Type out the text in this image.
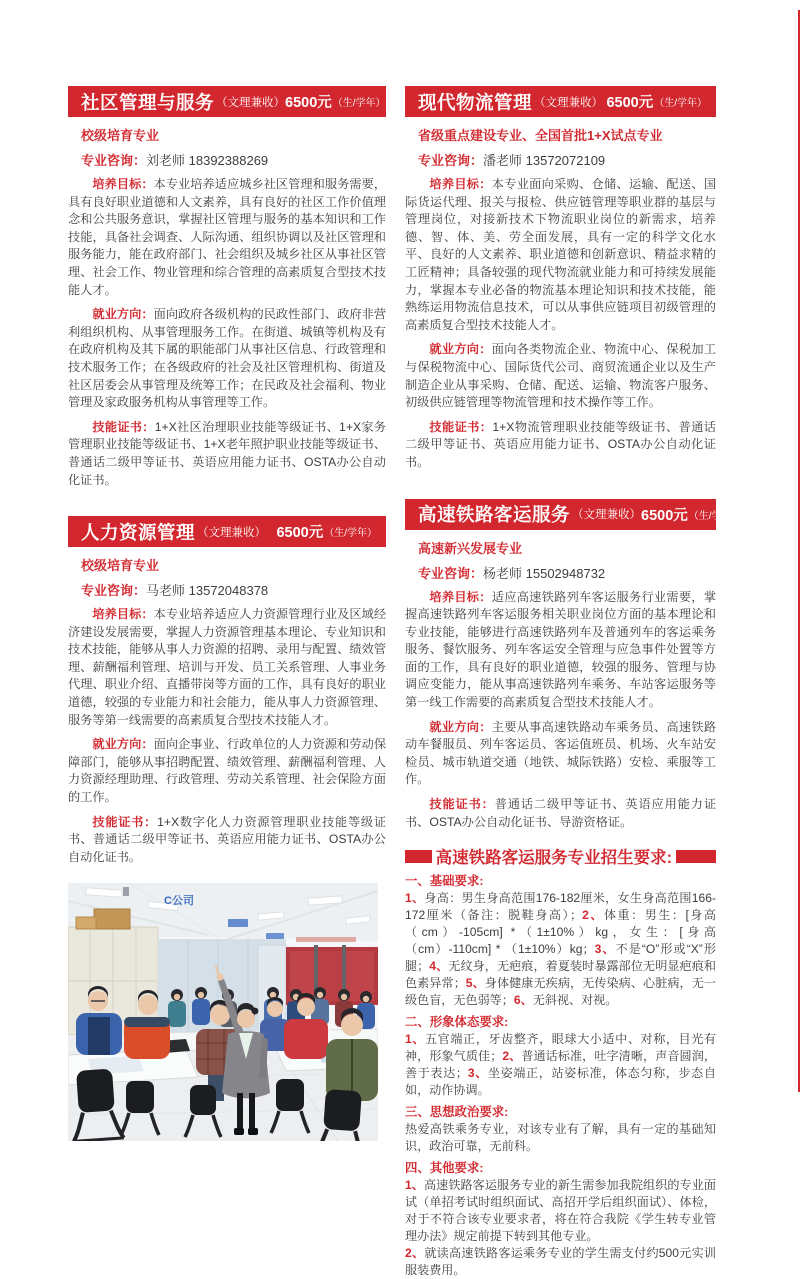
社区管理与服务 （文理兼收） 6500元 （生/学年）
校级培育专业
专业咨询：刘老师 18392388269

培养目标：本专业培养适应城乡社区管理和服务需要，具有良好职业道德和人文素养，具有良好的社区工作价值理念和公共服务意识，掌握社区管理与服务的基本知识和工作技能，具备社会调查、人际沟通、组织协调以及社区管理和服务能力，能在政府部门、社会组织及城乡社区从事社区管理、社会工作、物业管理和综合管理的高素质复合型技术技能人才。

就业方向：面向政府各级机构的民政性部门、政府非营利组织机构、从事管理服务工作。在街道、城镇等机构及有在政府机构及其下属的职能部门从事社区信息、行政管理和技术服务工作；在各级政府的社会及社区管理机构、街道及社区居委会从事管理及统筹工作；在民政及社会福利、物业管理及家政服务机构从事管理等工作。

技能证书：1+X社区治理职业技能等级证书、1+X家务管理职业技能等级证书、1+X老年照护职业技能等级证书、普通话二级甲等证书、英语应用能力证书、OSTA办公自动化证书。

人力资源管理 （文理兼收） 6500元 （生/学年）
校级培育专业
专业咨询：马老师 13572048378

培养目标：本专业培养适应人力资源管理行业及区域经济建设发展需要，掌握人力资源管理基本理论、专业知识和技术技能，能够从事人力资源的招聘、录用与配置、绩效管理、薪酬福利管理、培训与开发、员工关系管理、人事业务代理、职业介绍、直播带岗等方面的工作，具有良好的职业道德，较强的专业能力和社会能力，能从事人力资源管理、服务等第一线需要的高素质复合型技术技能人才。

就业方向：面向企事业、行政单位的人力资源和劳动保障部门，能够从事招聘配置、绩效管理、薪酬福利管理、人力资源经理助理、行政管理、劳动关系管理、社会保险方面的工作。

技能证书：1+X数字化人力资源管理职业技能等级证书、普通话二级甲等证书、英语应用能力证书、OSTA办公自动化证书。

C公司
现代物流管理 （文理兼收） 6500元 （生/学年）
省级重点建设专业、全国首批1+X试点专业
专业咨询：潘老师 13572072109

培养目标：本专业面向采购、仓储、运输、配送、国际货运代理、报关与报检、供应链管理等职业群的基层与管理岗位，对接新技术下物流职业岗位的新需求，培养德、智、体、美、劳全面发展，具有一定的科学文化水平、良好的人文素养、职业道德和创新意识、精益求精的工匠精神；具备较强的现代物流就业能力和可持续发展能力，掌握本专业必备的物流基本理论知识和技术技能，能熟练运用物流信息技术，可以从事供应链项目初级管理的高素质复合型技术技能人才。

就业方向：面向各类物流企业、物流中心、保税加工与保税物流中心、国际货代公司、商贸流通企业以及生产制造企业从事采购、仓储、配送、运输、物流客户服务、初级供应链管理等物流管理和技术操作等工作。

技能证书：1+X物流管理职业技能等级证书、普通话二级甲等证书、英语应用能力证书、OSTA办公自动化证书。

高速铁路客运服务 （文理兼收） 6500元 （生/学年）
高速新兴发展专业
专业咨询：杨老师 15502948732

培养目标：适应高速铁路列车客运服务行业需要，掌握高速铁路列车客运服务相关职业岗位方面的基本理论和专业技能，能够进行高速铁路列车及普通列车的客运乘务服务、餐饮服务、列车客运安全管理与应急事件处置等方面的工作，具有良好的职业道德，较强的服务、管理与协调应变能力，能从事高速铁路列车乘务、车站客运服务等第一线工作需要的高素质复合型技术技能人才。

就业方向：主要从事高速铁路动车乘务员、高速铁路动车餐服员、列车客运员、客运值班员、机场、火车站安检员、城市轨道交通（地铁、城际铁路）安检、乘服等工作。

技能证书：普通话二级甲等证书、英语应用能力证书、OSTA办公自动化证书、导游资格证。

高速铁路客运服务专业招生要求:
一、基础要求:

1、身高：男生身高范围176-182厘米，女生身高范围166-172厘米（备注：脱鞋身高）；2、体重：男生：[身高（cm）-105cm] *（1±10%）kg，女生：[身高（cm）-110cm] * （1±10%）kg；3、不是“O”形或“X”形腿；4、无纹身，无疤痕，着夏装时暴露部位无明显疤痕和色素异常；5、身体健康无疾病，无传染病、心脏病，无一级色盲，无色弱等；6、无斜视、对视。

二、形象体态要求:

1、五官端正，牙齿整齐，眼球大小适中、对称，目光有神，形象气质佳；2、普通话标准，吐字清晰，声音圆润，善于表达；3、坐姿端正，站姿标准，体态匀称，步态自如，动作协调。

三、思想政治要求:

热爱高铁乘务专业，对该专业有了解，具有一定的基础知识，政治可靠，无前科。

四、其他要求:

1、高速铁路客运服务专业的新生需参加我院组织的专业面试（单招考试时组织面试、高招开学后组织面试）、体检，对于不符合该专业要求者，将在符合我院《学生转专业管理办法》规定前提下转到其他专业。

2、就读高速铁路客运乘务专业的学生需支付约500元实训服装费用。
